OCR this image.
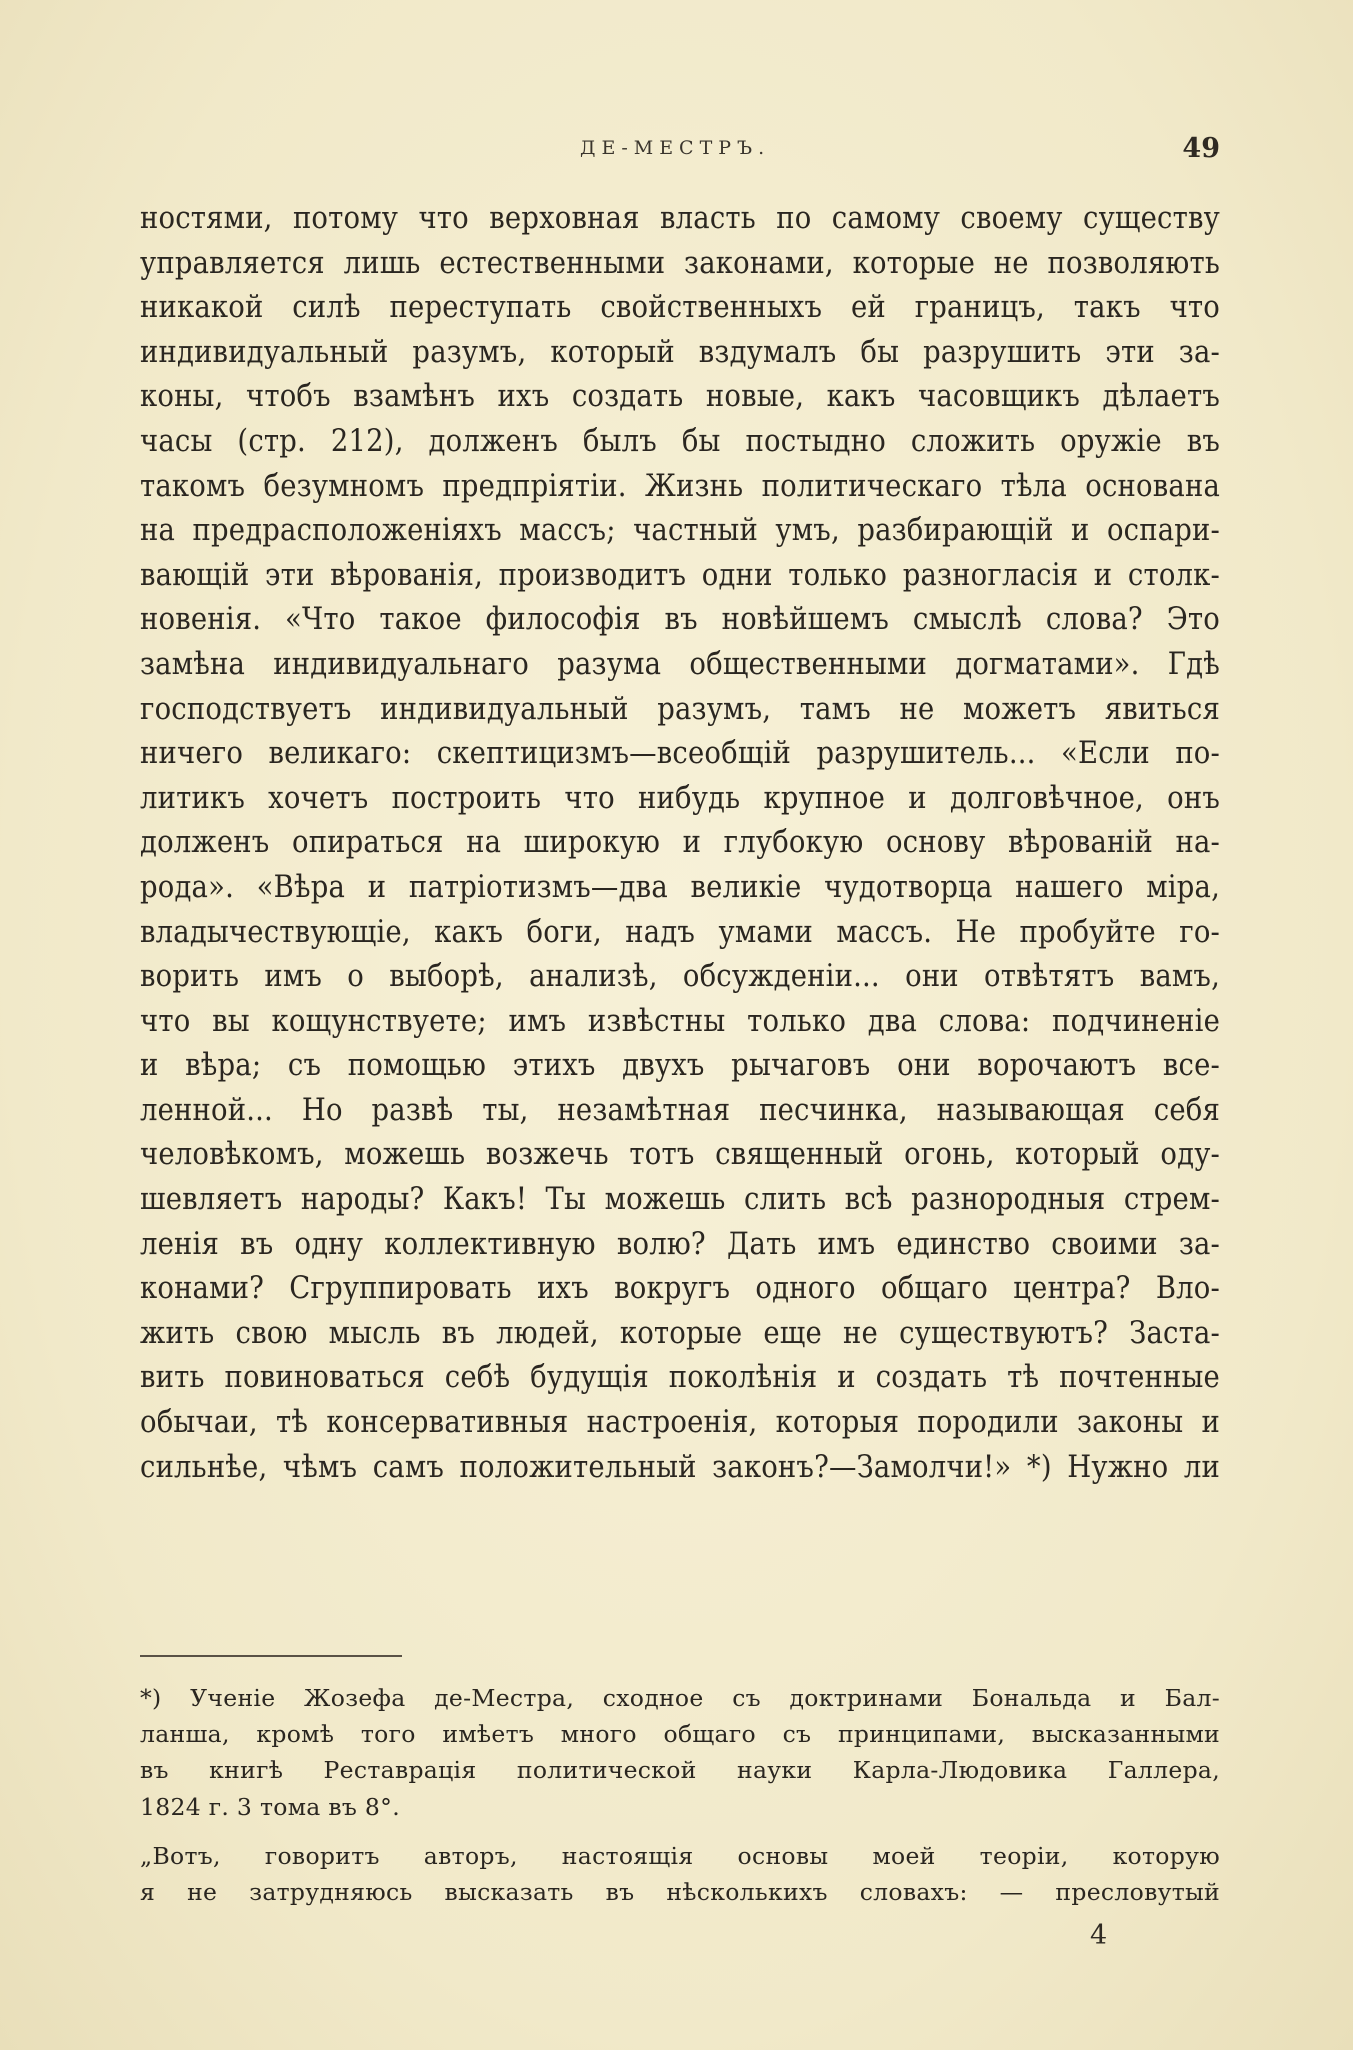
ДЕ-МЕСТРЪ.	49
ностями, потому что верховная власть по самому своему существу
управляется лишь естественными законами, которые не позволяють
никакой силѣ переступать свойственныхъ ей границъ, такъ что
индивидуальный разумъ, который вздумалъ бы разрушить эти за-
коны, чтобъ взамѣнъ ихъ создать новые, какъ часовщикъ дѣлаетъ
часы (стр. 212), долженъ былъ бы постыдно сложить оружіе въ
такомъ безумномъ предпріятіи. Жизнь политическаго тѣла основана
на предрасположеніяхъ массъ; частный умъ, разбирающій и оспари-
вающій эти вѣрованія, производитъ одни только разногласія и столк-
новенія. «Что такое философія въ новѣйшемъ смыслѣ слова? Это
замѣна индивидуальнаго разума общественными догматами». Гдѣ
господствуетъ индивидуальный разумъ, тамъ не можетъ явиться
ничего великаго: скептицизмъ—всеобщій разрушитель... «Если по-
литикъ хочетъ построить что нибудь крупное и долговѣчное, онъ
долженъ опираться на широкую и глубокую основу вѣрованій на-
рода». «Вѣра и патріотизмъ—два великіе чудотворца нашего міра,
владычествующіе, какъ боги, надъ умами массъ. Не пробуйте го-
ворить имъ о выборѣ, анализѣ, обсужденіи... они отвѣтятъ вамъ,
что вы кощунствуете; имъ извѣстны только два слова: подчиненіе
и вѣра; съ помощью этихъ двухъ рычаговъ они ворочаютъ все-
ленной... Но развѣ ты, незамѣтная песчинка, называющая себя
человѣкомъ, можешь возжечь тотъ священный огонь, который оду-
шевляетъ народы? Какъ! Ты можешь слить всѣ разнородныя стрем-
ленія въ одну коллективную волю? Дать имъ единство своими за-
конами? Сгруппировать ихъ вокругъ одного общаго центра? Вло-
жить свою мысль въ людей, которые еще не существуютъ? Заста-
вить повиноваться себѣ будущія поколѣнія и создать тѣ почтенные
обычаи, тѣ консервативныя настроенія, которыя породили законы и
сильнѣе, чѣмъ самъ положительный законъ?—Замолчи!» *) Нужно ли
*) Ученіе Жозефа де-Местра, сходное съ доктринами Бональда и Бал-
ланша, кромѣ того имѣетъ много общаго съ принципами, высказанными
въ книгѣ Реставрація политической науки Карла-Людовика Галлера,
1824 г. 3 тома въ 8°.
„Вотъ, говоритъ авторъ, настоящія основы моей теоріи, которую
я не затрудняюсь высказать въ нѣсколькихъ словахъ: — пресловутый
4
